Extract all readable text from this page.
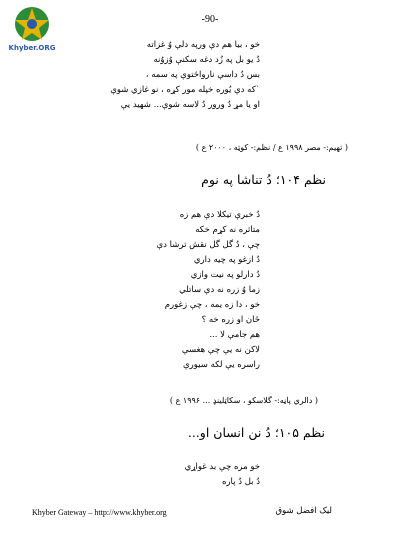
Khyber.ORG
-90-
خو ، بيا هم دې ورپه دلې وُ غزاته
دُ يو بل په زُد دغه سکنې وُزوُنه
بس دُ داسې نارواڅتوې په سمه ،
`که دې يُوره خپله مور کړه ، نو غازي شوې
او يا مړ دُ ورور دُ لاسه شوې... شهيد يې
( تهيم:- مصر ۱۹۹۸ ع / نظم:- کوټه ، ۲۰۰۰ ع )
نظم ۱۰۴؛ دُ تناشا په نوم
دُ خبرې تيکلا دې هم زه
متاثره نه کړم خکه
چې ، دُ گل گل نقش ترشا دې
دُ ازغو په چيه داري
دُ دارلو په نيت وازي
زما وُ زره نه دې ساتلي
خو ، دا زه يمه ، چې زغورم
ځان او زره خه ؟
هم جامې لا ...
لاکن نه يې چې هغسې
راسره يې لکه سيورې
( دالري پاڼه:- گلاسکو ، سکاټلينډ ... ۱۹۹۶ ع )
نظم ۱۰۵؛ دُ نن انسان او...
خو مره چې بد غواړي
دُ بل دُ پاره
Khyber Gateway – http://www.khyber.org	ليک افضل شوق
